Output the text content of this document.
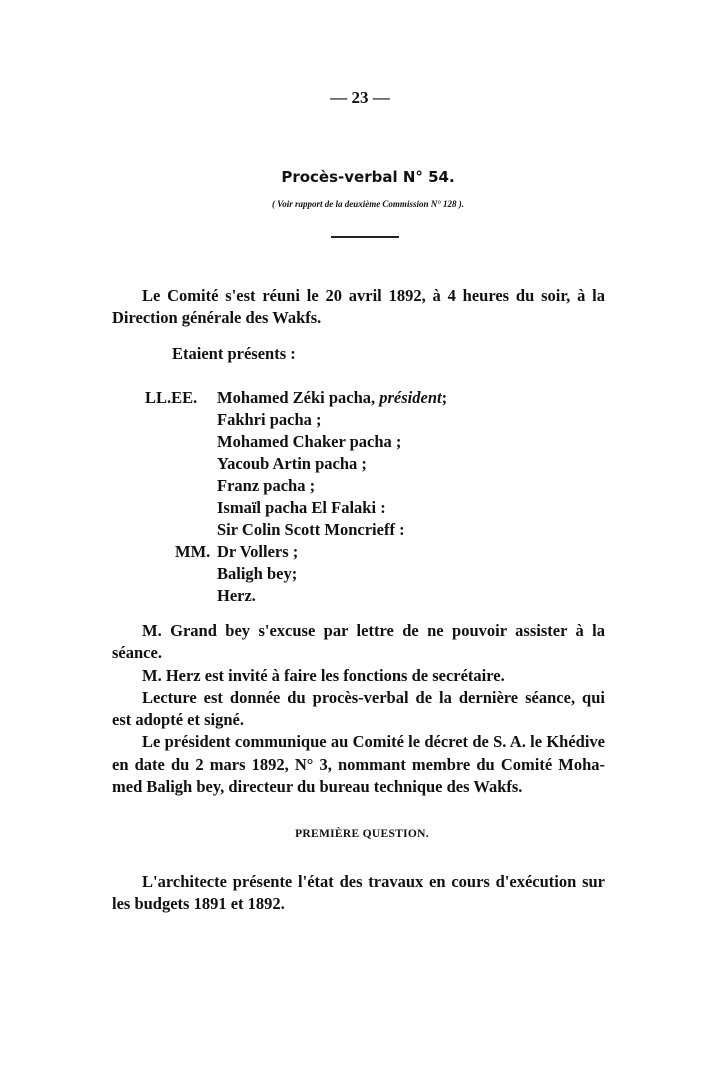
— 23 —
Procès-verbal N° 54.
( Voir rapport de la deuxième Commission N° 128 ).
Le Comité s'est réuni le 20 avril 1892, à 4 heures du soir, à la
Direction générale des Wakfs.
Etaient présents :
LL.EE.	Mohamed Zéki pacha,
président ;
Fakhri pacha ;
Mohamed Chaker pacha ;
Yacoub Artin pacha ;
Franz pacha ;
Ismaïl pacha El Falaki :
Sir Colin Scott Moncrieff :
MM. Dr Vollers ;
Baligh bey;
Herz.
M. Grand bey s'excuse par lettre de ne pouvoir assister à la
séance.
M. Herz est invité à faire les fonctions de secrétaire.
Lecture est donnée du procès-verbal de la dernière séance, qui
est adopté et signé.
Le président communique au Comité le décret de S. A. le Khédive
en date du 2 mars 1892, N° 3, nommant membre du Comité Moha-
med Baligh bey, directeur du bureau technique des Wakfs.
PREMIÈRE QUESTION.
L'architecte présente l'état des travaux en cours d'exécution sur
les budgets 1891 et 1892.
